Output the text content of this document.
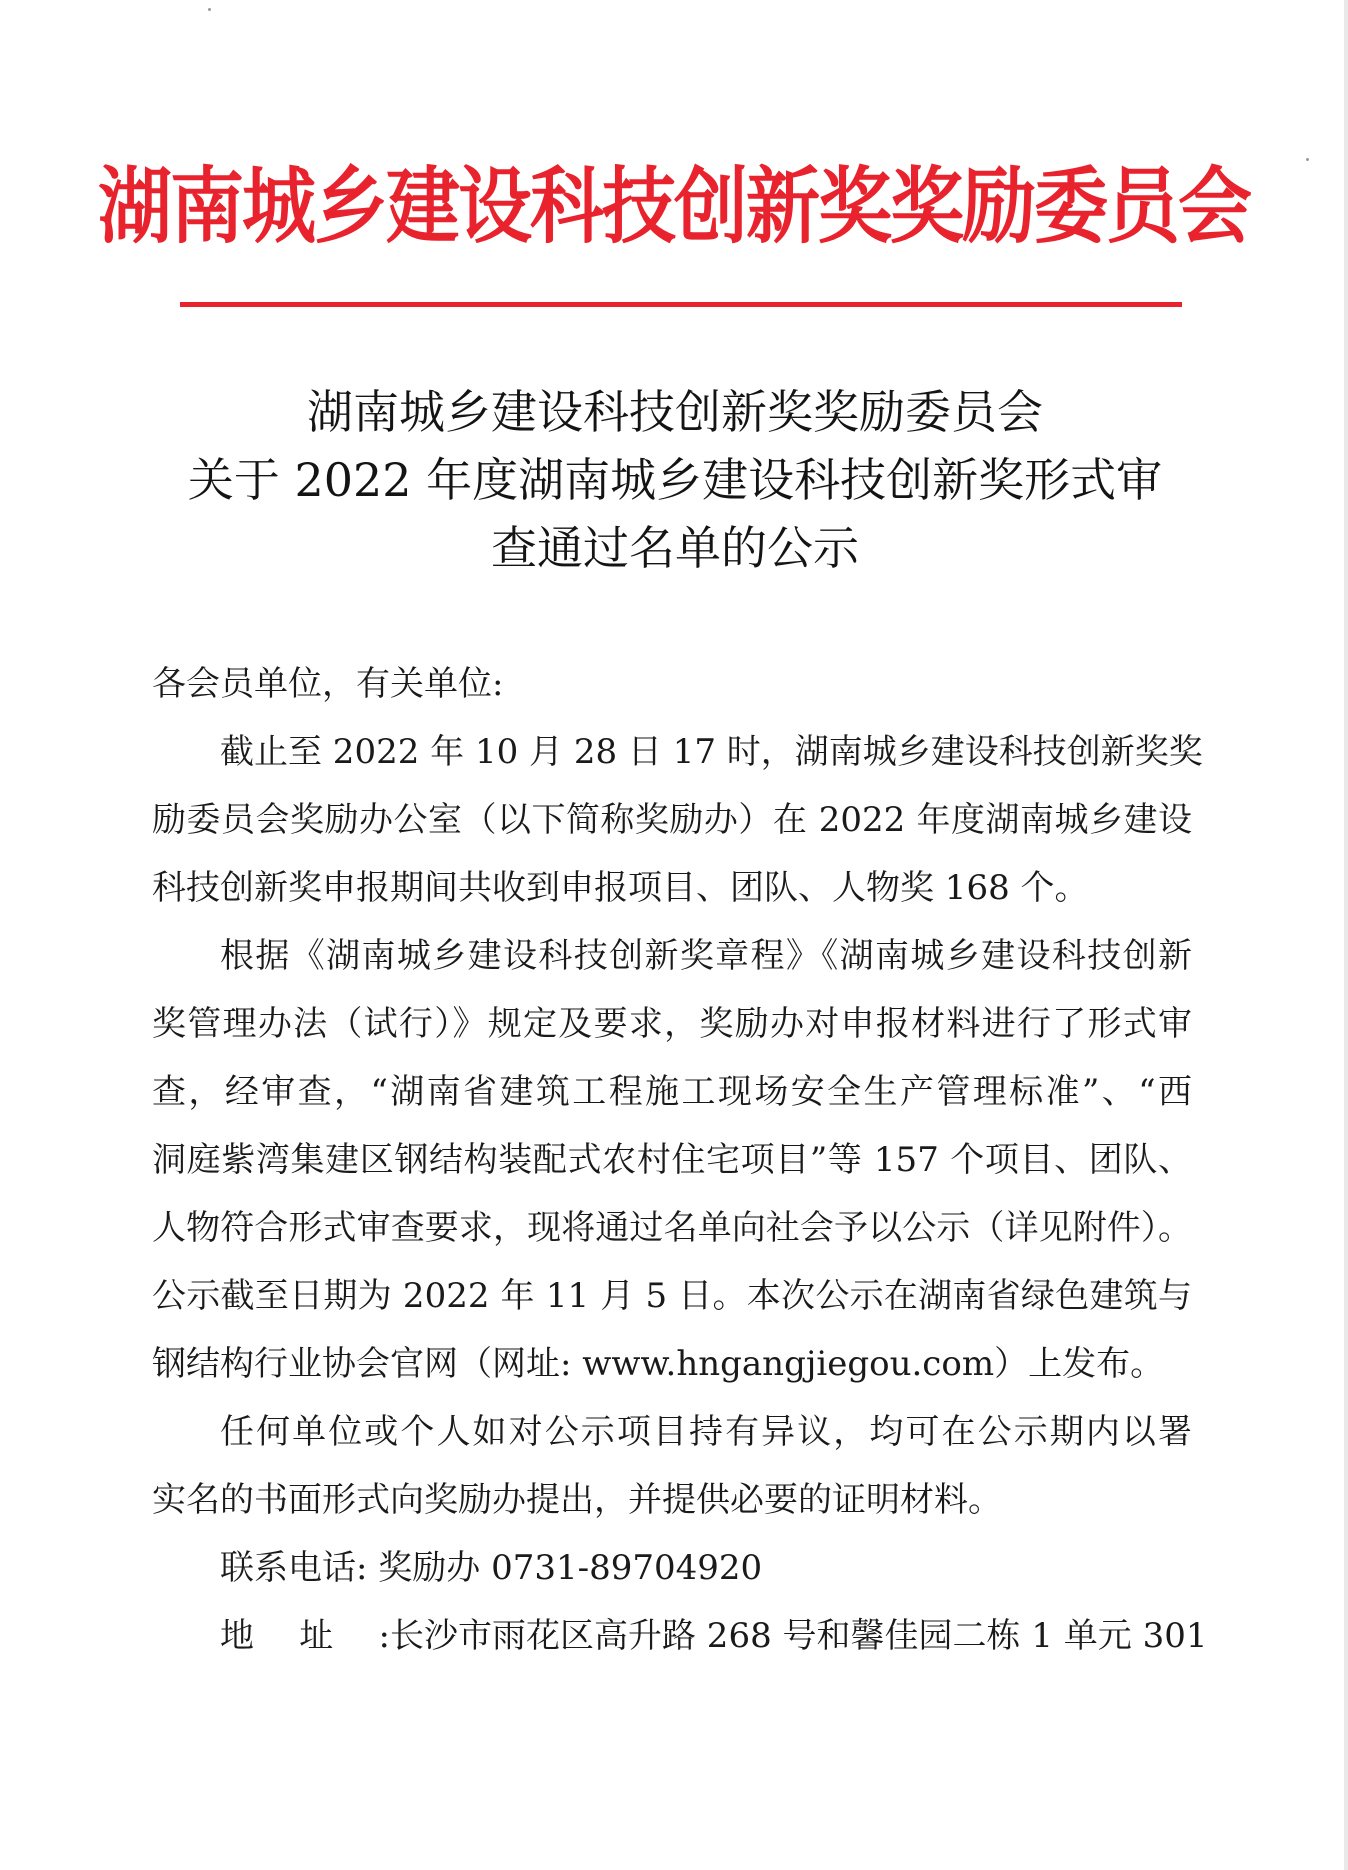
湖南城乡建设科技创新奖奖励委员会
湖南城乡建设科技创新奖奖励委员会
关于 2022 年度湖南城乡建设科技创新奖形式审
查通过名单的公示
各会员单位，有关单位:
截止至 2022 年 10 月 28 日 17 时，湖南城乡建设科技创新奖奖
励委员会奖励办公室（以下简称奖励办）在 2022 年度湖南城乡建设
科技创新奖申报期间共收到申报项目、团队、人物奖 168 个。
根据《湖南城乡建设科技创新奖章程》《湖南城乡建设科技创新
奖管理办法（试行）》规定及要求，奖励办对申报材料进行了形式审
查，经审查，“湖南省建筑工程施工现场安全生产管理标准”、“西
洞庭紫湾集建区钢结构装配式农村住宅项目”等 157 个项目、团队、
人物符合形式审查要求，现将通过名单向社会予以公示（详见附件）。
公示截至日期为 2022 年 11 月 5 日。本次公示在湖南省绿色建筑与
钢结构行业协会官网（网址: www.hngangjiegou.com）上发布。
任何单位或个人如对公示项目持有异议，均可在公示期内以署
实名的书面形式向奖励办提出，并提供必要的证明材料。
联系电话: 奖励办 0731-89704920
地址:长沙市雨花区高升路 268 号和馨佳园二栋 1 单元 301
